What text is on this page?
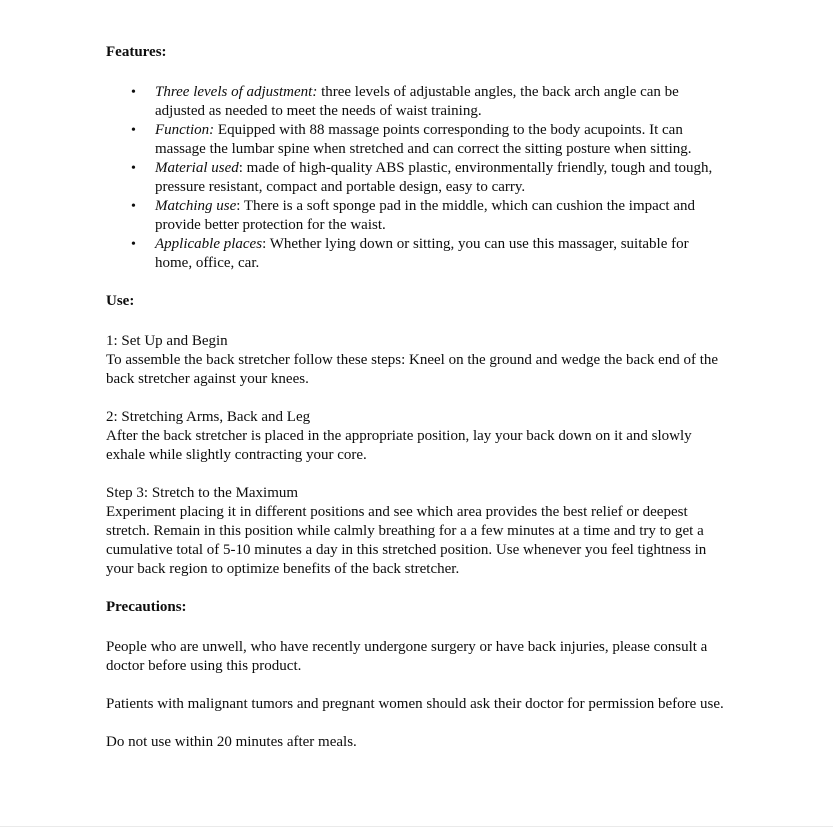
Features:

• Three levels of adjustment: three levels of adjustable angles, the back arch angle can be adjusted as needed to meet the needs of waist training.
• Function: Equipped with 88 massage points corresponding to the body acupoints. It can massage the lumbar spine when stretched and can correct the sitting posture when sitting.
• Material used: made of high-quality ABS plastic, environmentally friendly, tough and tough, pressure resistant, compact and portable design, easy to carry.
• Matching use: There is a soft sponge pad in the middle, which can cushion the impact and provide better protection for the waist.
• Applicable places: Whether lying down or sitting, you can use this massager, suitable for home, office, car.

Use:

1: Set Up and Begin

To assemble the back stretcher follow these steps: Kneel on the ground and wedge the back end of the back stretcher against your knees.

2: Stretching Arms, Back and Leg

After the back stretcher is placed in the appropriate position, lay your back down on it and slowly exhale while slightly contracting your core.

Step 3: Stretch to the Maximum

Experiment placing it in different positions and see which area provides the best relief or deepest stretch. Remain in this position while calmly breathing for a a few minutes at a time and try to get a cumulative total of 5-10 minutes a day in this stretched position. Use whenever you feel tightness in your back region to optimize benefits of the back stretcher.

Precautions:

People who are unwell, who have recently undergone surgery or have back injuries, please consult a doctor before using this product.

Patients with malignant tumors and pregnant women should ask their doctor for permission before use.

Do not use within 20 minutes after meals.
